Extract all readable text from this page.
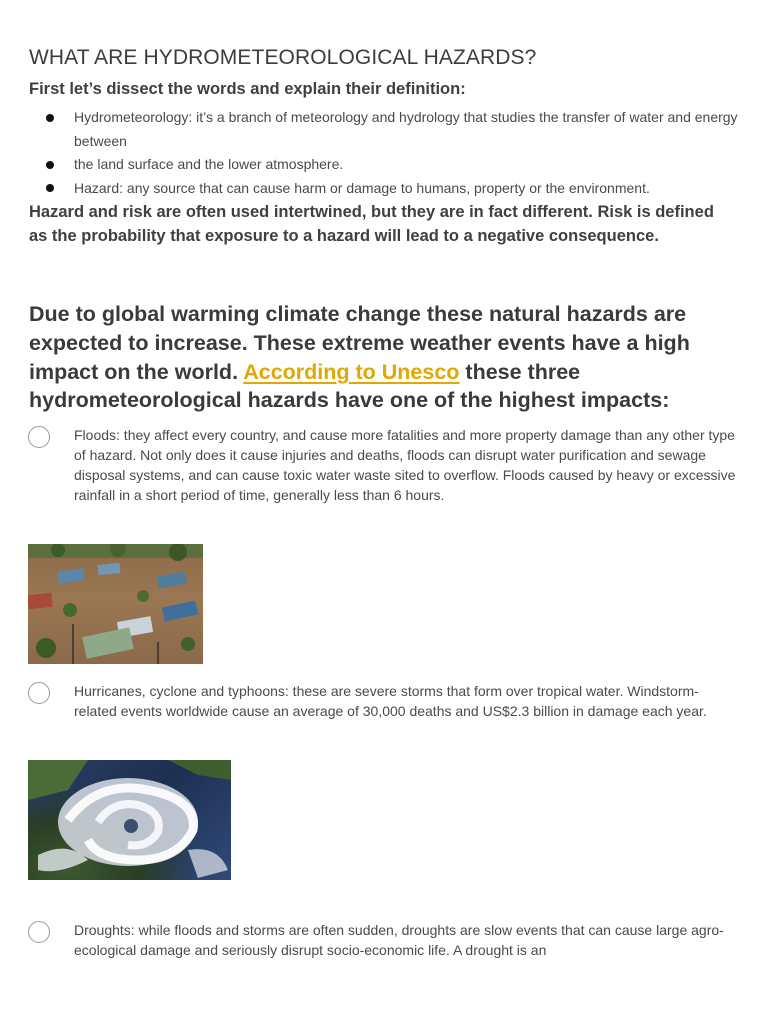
WHAT ARE HYDROMETEOROLOGICAL HAZARDS?

First let’s dissect the words and explain their definition:

Hydrometeorology: it’s a branch of meteorology and hydrology that studies the transfer of water and energy between
the land surface and the lower atmosphere.
Hazard: any source that can cause harm or damage to humans, property or the environment.

Hazard and risk are often used intertwined, but they are in fact different. Risk is defined as the probability that exposure to a hazard will lead to a negative consequence.

Due to global warming climate change these natural hazards are expected to increase. These extreme weather events have a high impact on the world. According to Unesco these three hydrometeorological hazards have one of the highest impacts:

Floods: they affect every country, and cause more fatalities and more property damage than any other type of hazard. Not only does it cause injuries and deaths, floods can disrupt water purification and sewage disposal systems, and can cause toxic water waste sited to overflow. Floods caused by heavy or excessive rainfall in a short period of time, generally less than 6 hours.

Hurricanes, cyclone and typhoons: these are severe storms that form over tropical water. Windstorm-related events worldwide cause an average of 30,000 deaths and US$2.3 billion in damage each year.

Droughts: while floods and storms are often sudden, droughts are slow events that can cause large agro-ecological damage and seriously disrupt socio-economic life. A drought is an
